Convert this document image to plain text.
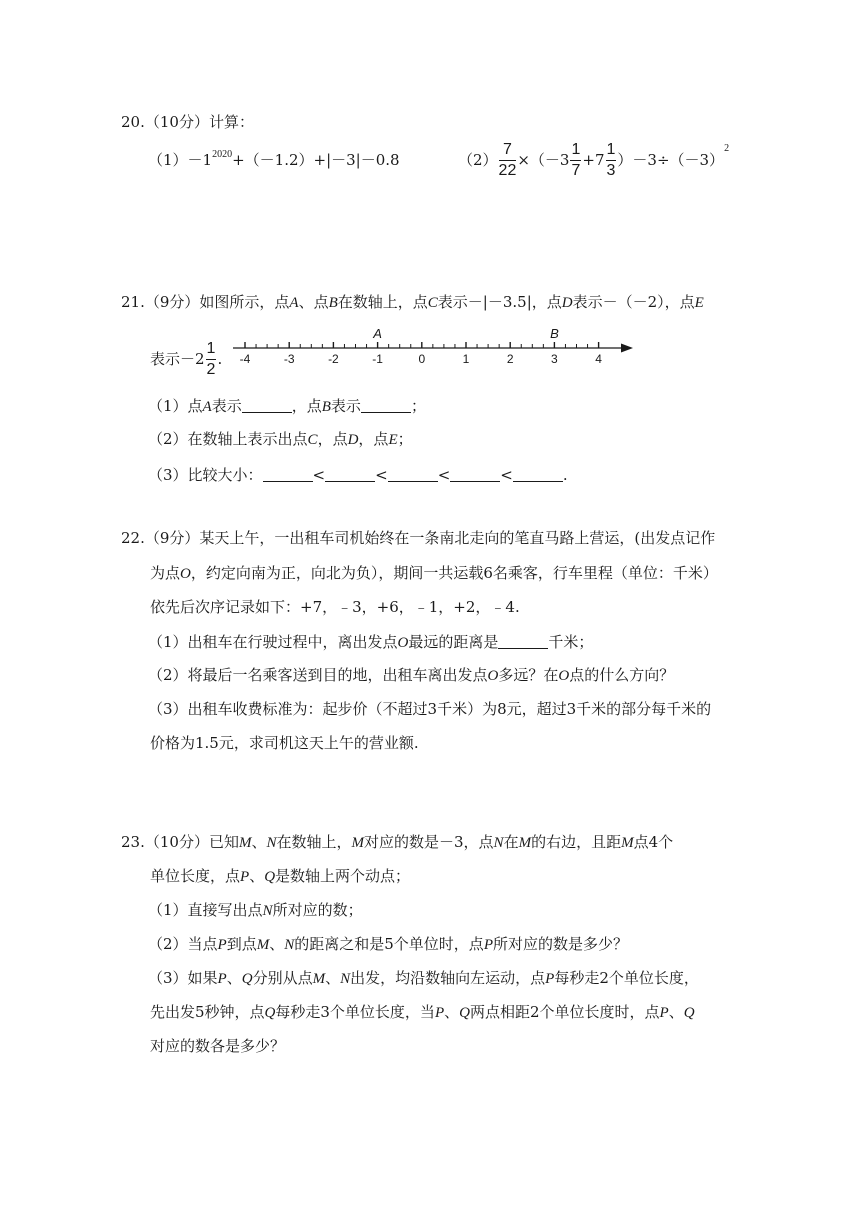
20.（10分）计算：
$(1)-1^{2020}+(-1.2)+|-3|-0.8$	$(2) \frac{7}{22} \times(-3 \frac{1}{7} +7 \frac{1}{3} )-3\div(-3)^2$
21.（9分）如图所示，点A、点B在数轴上，点C表示－|－3.5|，点D表示－（－2），点E
表示$-2 \frac{1}{2}$ . -4	-3	-2	-1	0	1	2	3	4
A	B
（1）点A表示	，点B表示	；
（2）在数轴上表示出点C，点D，点E；
（3）比较大小：	<	<	<	<	.
22.（9分）某天上午，一出租车司机始终在一条南北走向的笔直马路上营运，(出发点记作
为点O，约定向南为正，向北为负），期间一共运载6名乘客，行车里程（单位：千米）
依先后次序记录如下：+7，﹣3，+6，﹣1，+2，﹣4.
（1）出租车在行驶过程中，离出发点O最远的距离是	千米；
（2）将最后一名乘客送到目的地，出租车离出发点O多远？在O点的什么方向？
（3）出租车收费标准为：起步价（不超过3千米）为8元，超过3千米的部分每千米的
价格为1.5元，求司机这天上午的营业额.
23.（10分）已知M、N在数轴上，M对应的数是－3，点N在M的右边，且距M点4个
单位长度，点P、Q是数轴上两个动点；
（1）直接写出点N所对应的数；
（2）当点P到点M、N的距离之和是5个单位时，点P所对应的数是多少？
（3）如果P、Q分别从点M、N出发，均沿数轴向左运动，点P每秒走2个单位长度，
先出发5秒钟，点Q每秒走3个单位长度，当P、Q两点相距2个单位长度时，点P、Q
对应的数各是多少？
